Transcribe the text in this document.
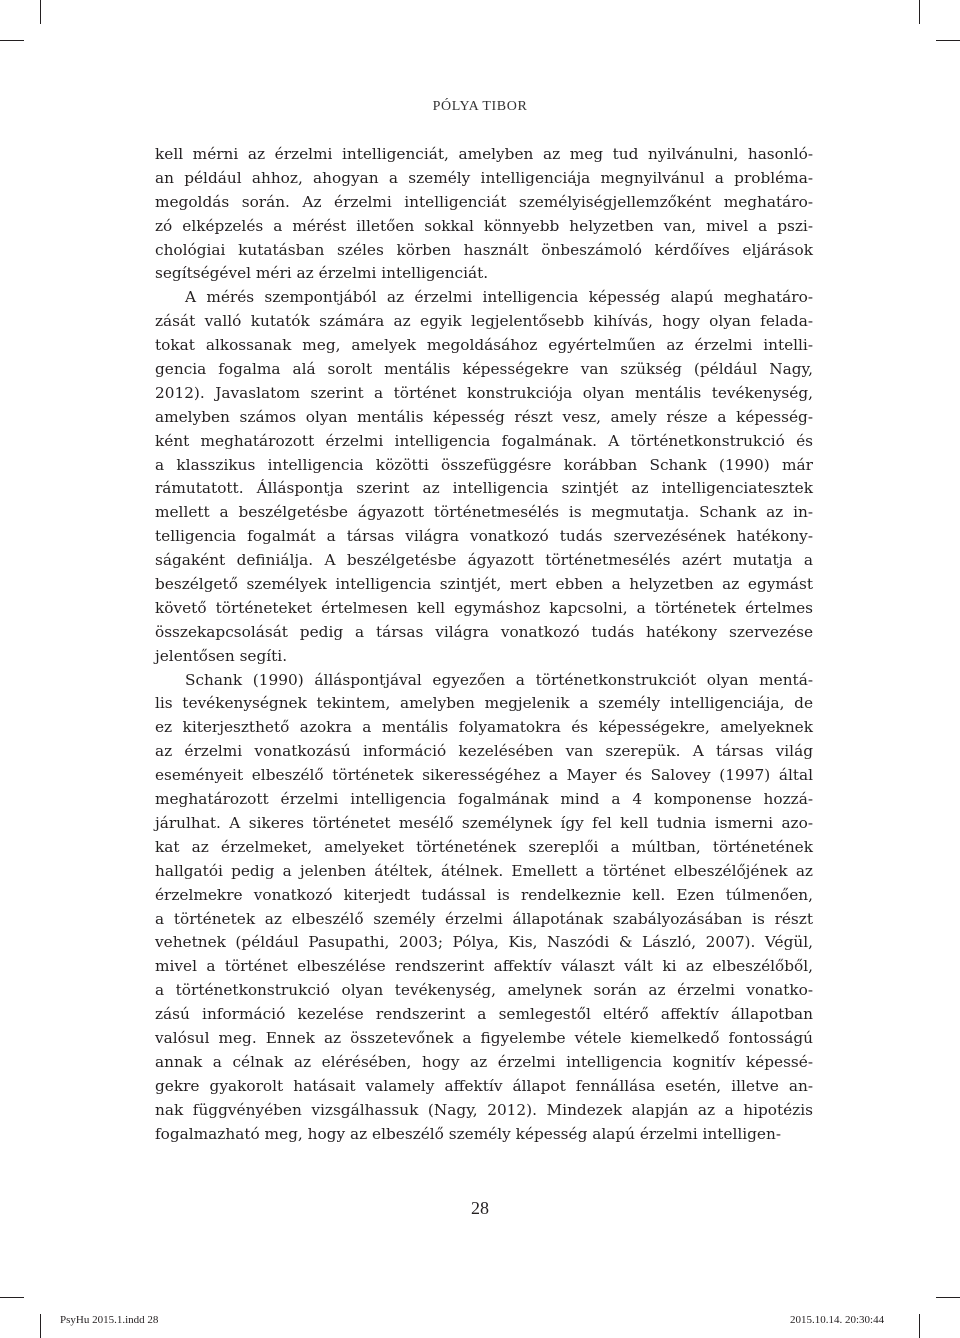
PÓLYA TIBOR
kell mérni az érzelmi intelligenciát, amelyben az meg tud nyilvánulni, hasonló-
an például ahhoz, ahogyan a személy intelligenciája megnyilvánul a probléma-
megoldás során. Az érzelmi intelligenciát személyiségjellemzőként meghatáro-
zó elképzelés a mérést illetően sokkal könnyebb helyzetben van, mivel a pszi-
chológiai kutatásban széles körben használt önbeszámoló kérdőíves eljárások
segítségével méri az érzelmi intelligenciát.
A mérés szempontjából az érzelmi intelligencia képesség alapú meghatáro-
zását valló kutatók számára az egyik legjelentősebb kihívás, hogy olyan felada-
tokat alkossanak meg, amelyek megoldásához egyértelműen az érzelmi intelli-
gencia fogalma alá sorolt mentális képességekre van szükség (például Nagy,
2012). Javaslatom szerint a történet konstrukciója olyan mentális tevékenység,
amelyben számos olyan mentális képesség részt vesz, amely része a képesség-
ként meghatározott érzelmi intelligencia fogalmának. A történetkonstrukció és
a klasszikus intelligencia közötti összefüggésre korábban Schank (1990) már
rámutatott. Álláspontja szerint az intelligencia szintjét az intelligenciatesztek
mellett a beszélgetésbe ágyazott történetmesélés is megmutatja. Schank az in-
telligencia fogalmát a társas világra vonatkozó tudás szervezésének hatékony-
ságaként definiálja. A beszélgetésbe ágyazott történetmesélés azért mutatja a
beszélgető személyek intelligencia szintjét, mert ebben a helyzetben az egymást
követő történeteket értelmesen kell egymáshoz kapcsolni, a történetek értelmes
összekapcsolását pedig a társas világra vonatkozó tudás hatékony szervezése
jelentősen segíti.
Schank (1990) álláspontjával egyezően a történetkonstrukciót olyan mentá-
lis tevékenységnek tekintem, amelyben megjelenik a személy intelligenciája, de
ez kiterjeszthető azokra a mentális folyamatokra és képességekre, amelyeknek
az érzelmi vonatkozású információ kezelésében van szerepük. A társas világ
eseményeit elbeszélő történetek sikerességéhez a Mayer és Salovey (1997) által
meghatározott érzelmi intelligencia fogalmának mind a 4 komponense hozzá-
járulhat. A sikeres történetet mesélő személynek így fel kell tudnia ismerni azo-
kat az érzelmeket, amelyeket történetének szereplői a múltban, történetének
hallgatói pedig a jelenben átéltek, átélnek. Emellett a történet elbeszélőjének az
érzelmekre vonatkozó kiterjedt tudással is rendelkeznie kell. Ezen túlmenően,
a történetek az elbeszélő személy érzelmi állapotának szabályozásában is részt
vehetnek (például Pasupathi, 2003; Pólya, Kis, Naszódi & László, 2007). Végül,
mivel a történet elbeszélése rendszerint affektív választ vált ki az elbeszélőből,
a történetkonstrukció olyan tevékenység, amelynek során az érzelmi vonatko-
zású információ kezelése rendszerint a semlegestől eltérő affektív állapotban
valósul meg. Ennek az összetevőnek a figyelembe vétele kiemelkedő fontosságú
annak a célnak az elérésében, hogy az érzelmi intelligencia kognitív képessé-
gekre gyakorolt hatásait valamely affektív állapot fennállása esetén, illetve an-
nak függvényében vizsgálhassuk (Nagy, 2012). Mindezek alapján az a hipotézis
fogalmazható meg, hogy az elbeszélő személy képesség alapú érzelmi intelligen-
28
PsyHu 2015.1.indd 28	2015.10.14. 20:30:44
